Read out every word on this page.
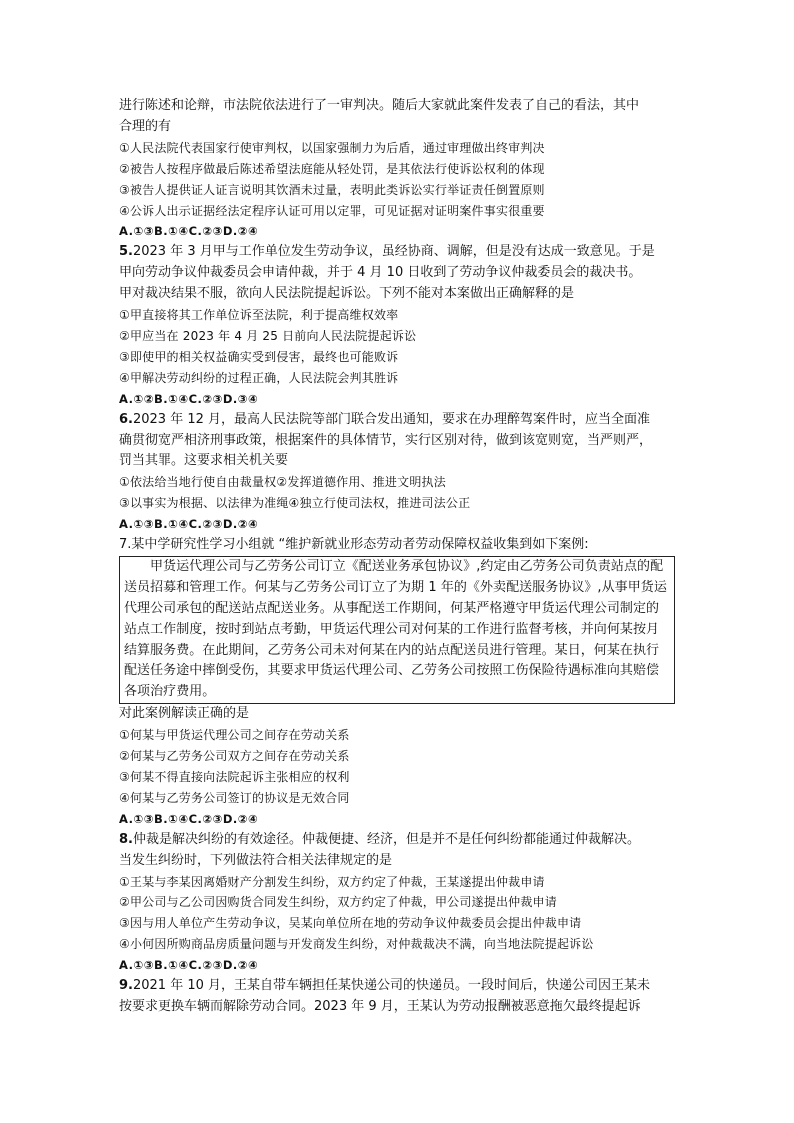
进行陈述和论辩，市法院依法进行了一审判决。随后大家就此案件发表了自己的看法，其中
合理的有
①人民法院代表国家行使审判权，以国家强制力为后盾，通过审理做出终审判决
②被告人按程序做最后陈述希望法庭能从轻处罚，是其依法行使诉讼权利的体现
③被告人提供证人证言说明其饮酒未过量，表明此类诉讼实行举证责任倒置原则
④公诉人出示证据经法定程序认证可用以定罪，可见证据对证明案件事实很重要
A.①③B.①④C.②③D.②④
5.2023 年 3 月甲与工作单位发生劳动争议，虽经协商、调解，但是没有达成一致意见。于是
甲向劳动争议仲裁委员会申请仲裁，并于 4 月 10 日收到了劳动争议仲裁委员会的裁决书。
甲对裁决结果不服，欲向人民法院提起诉讼。下列不能对本案做出正确解释的是
①甲直接将其工作单位诉至法院，利于提高维权效率
②甲应当在 2023 年 4 月 25 日前向人民法院提起诉讼
③即使甲的相关权益确实受到侵害，最终也可能败诉
④甲解决劳动纠纷的过程正确，人民法院会判其胜诉
A.①②B.①④C.②③D.③④
6.2023 年 12 月，最高人民法院等部门联合发出通知，要求在办理醉驾案件时，应当全面准
确贯彻宽严相济刑事政策，根据案件的具体情节，实行区别对待，做到该宽则宽，当严则严，
罚当其罪。这要求相关机关要
①依法给当地行使自由裁量权②发挥道德作用、推进文明执法
③以事实为根据、以法律为准绳④独立行使司法权，推进司法公正
A.①③B.①④C.②③D.②④
7.某中学研究性学习小组就 “维护新就业形态劳动者劳动保障权益收集到如下案例:

甲货运代理公司与乙劳务公司订立《配送业务承包协议》,约定由乙劳务公司负责站点的配送员招募和管理工作。何某与乙劳务公司订立了为期 1 年的《外卖配送服务协议》,从事甲货运代理公司承包的配送站点配送业务。从事配送工作期间，何某严格遵守甲货运代理公司制定的站点工作制度，按时到站点考勤，甲货运代理公司对何某的工作进行监督考核，并向何某按月结算服务费。在此期间，乙劳务公司未对何某在内的站点配送员进行管理。某日，何某在执行配送任务途中摔倒受伤，其要求甲货运代理公司、乙劳务公司按照工伤保险待遇标准向其赔偿各项治疗费用。

对此案例解读正确的是
①何某与甲货运代理公司之间存在劳动关系
②何某与乙劳务公司双方之间存在劳动关系
③何某不得直接向法院起诉主张相应的权利
④何某与乙劳务公司签订的协议是无效合同
A.①③B.①④C.②③D.②④
8.仲裁是解决纠纷的有效途径。仲裁便捷、经济，但是并不是任何纠纷都能通过仲裁解决。
当发生纠纷时，下列做法符合相关法律规定的是
①王某与李某因离婚财产分割发生纠纷，双方约定了仲裁，王某遂提出仲裁申请
②甲公司与乙公司因购货合同发生纠纷，双方约定了仲裁，甲公司遂提出仲裁申请
③因与用人单位产生劳动争议，吴某向单位所在地的劳动争议仲裁委员会提出仲裁申请
④小何因所购商品房质量问题与开发商发生纠纷，对仲裁裁决不满，向当地法院提起诉讼
A.①③B.①④C.②③D.②④
9.2021 年 10 月，王某自带车辆担任某快递公司的快递员。一段时间后，快递公司因王某未
按要求更换车辆而解除劳动合同。2023 年 9 月，王某认为劳动报酬被恶意拖欠最终提起诉
